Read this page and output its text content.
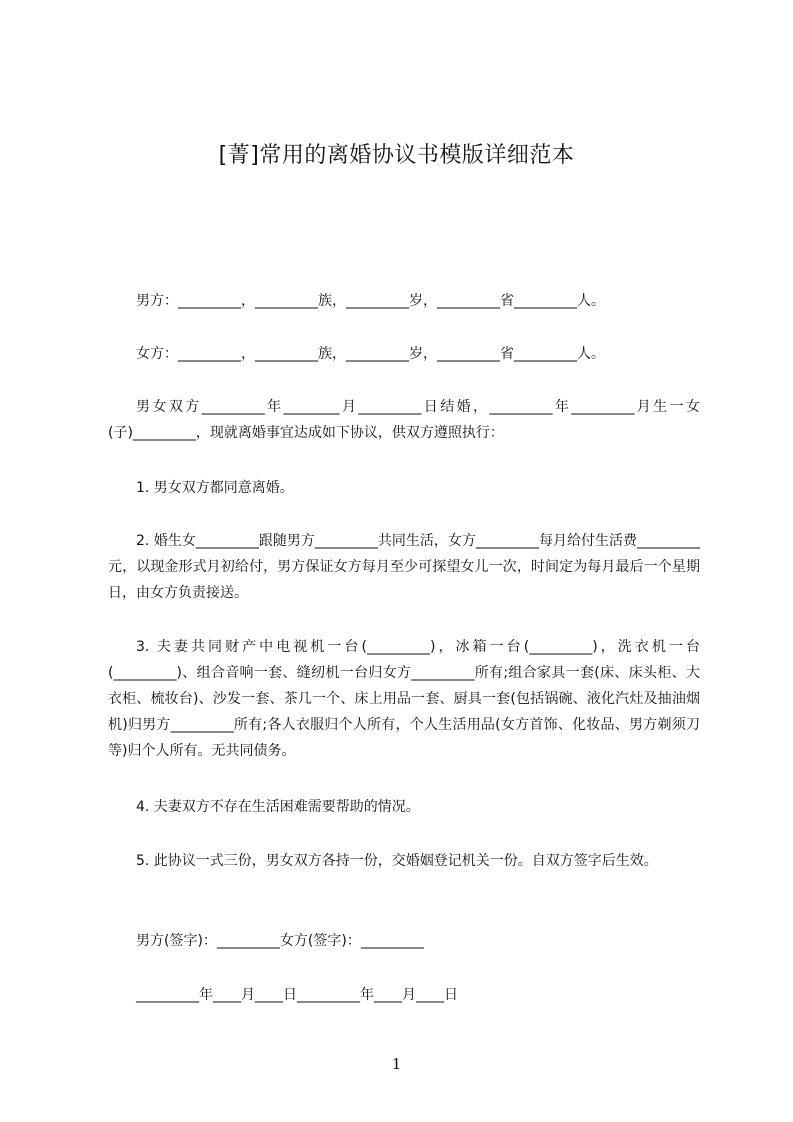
[菁]常用的离婚协议书模版详细范本
男方：_________，_________族，_________岁，_________省_________人。
女方：_________，_________族，_________岁，_________省_________人。
男女双方_________年________月_________日结婚，_________年_________月生一女(子)_________，现就离婚事宜达成如下协议，供双方遵照执行：
1. 男女双方都同意离婚。
2. 婚生女_________跟随男方_________共同生活，女方_________每月给付生活费_________元，以现金形式月初给付，男方保证女方每月至少可探望女儿一次，时间定为每月最后一个星期日，由女方负责接送。
3. 夫妻共同财产中电视机一台(_________)，冰箱一台(_________)，洗衣机一台(_________)、组合音响一套、缝纫机一台归女方_________所有;组合家具一套(床、床头柜、大衣柜、梳妆台)、沙发一套、茶几一个、床上用品一套、厨具一套(包括锅碗、液化汽灶及抽油烟机)归男方_________所有;各人衣服归个人所有，个人生活用品(女方首饰、化妆品、男方剃须刀等)归个人所有。无共同债务。
4. 夫妻双方不存在生活困难需要帮助的情况。
5. 此协议一式三份，男女双方各持一份，交婚姻登记机关一份。自双方签字后生效。
男方(签字)：_________女方(签字)：_________
_________年____月____日_________年____月____日
1
